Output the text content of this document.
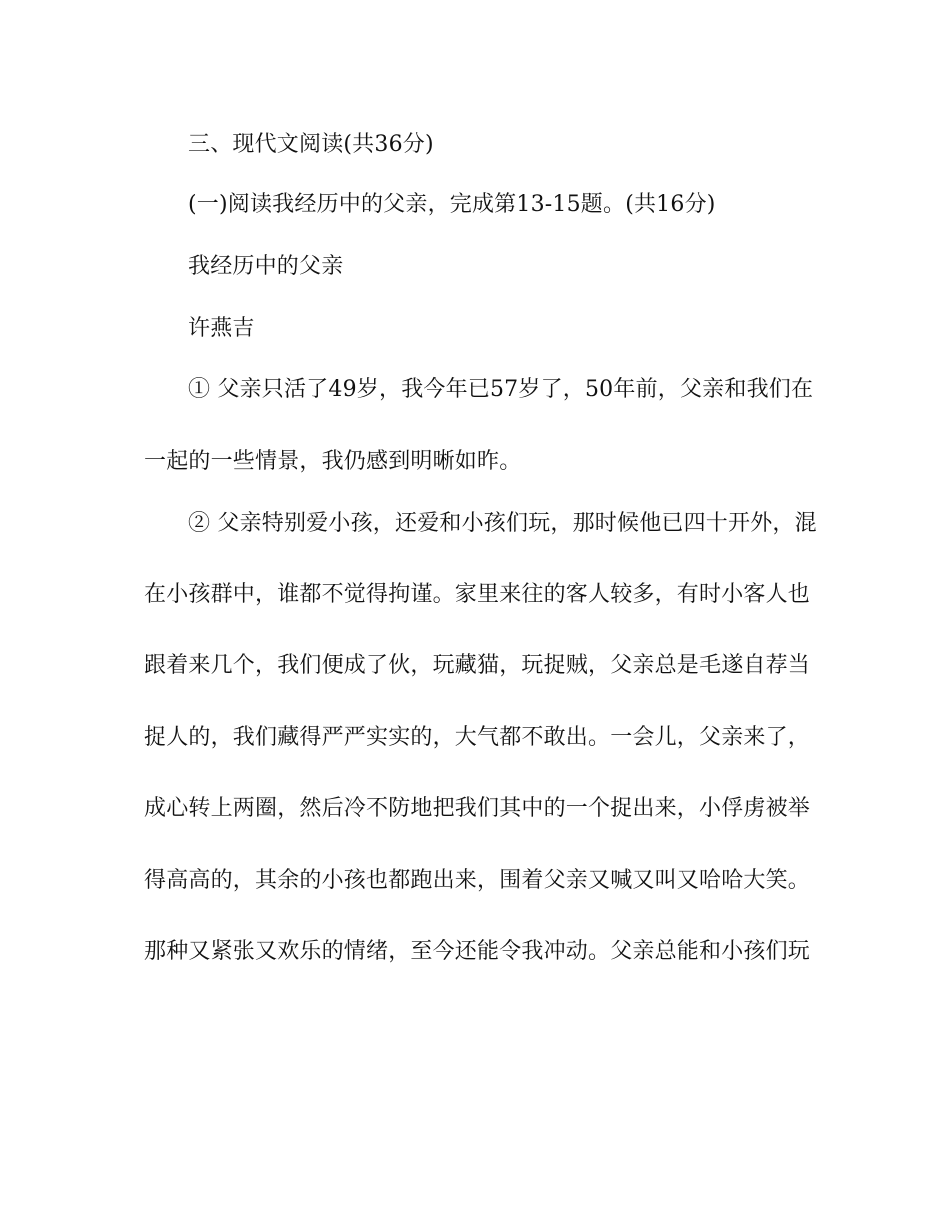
三、现代文阅读(共36分)
(一)阅读我经历中的父亲，完成第13-15题。(共16分)
我经历中的父亲
许燕吉
① 父亲只活了49岁，我今年已57岁了，50年前，父亲和我们在
一起的一些情景，我仍感到明晰如昨。
② 父亲特别爱小孩，还爱和小孩们玩，那时候他已四十开外，混
在小孩群中，谁都不觉得拘谨。家里来往的客人较多，有时小客人也
跟着来几个，我们便成了伙，玩藏猫，玩捉贼，父亲总是毛遂自荐当
捉人的，我们藏得严严实实的，大气都不敢出。一会儿，父亲来了，
成心转上两圈，然后冷不防地把我们其中的一个捉出来，小俘虏被举
得高高的，其余的小孩也都跑出来，围着父亲又喊又叫又哈哈大笑。
那种又紧张又欢乐的情绪，至今还能令我冲动。父亲总能和小孩们玩
